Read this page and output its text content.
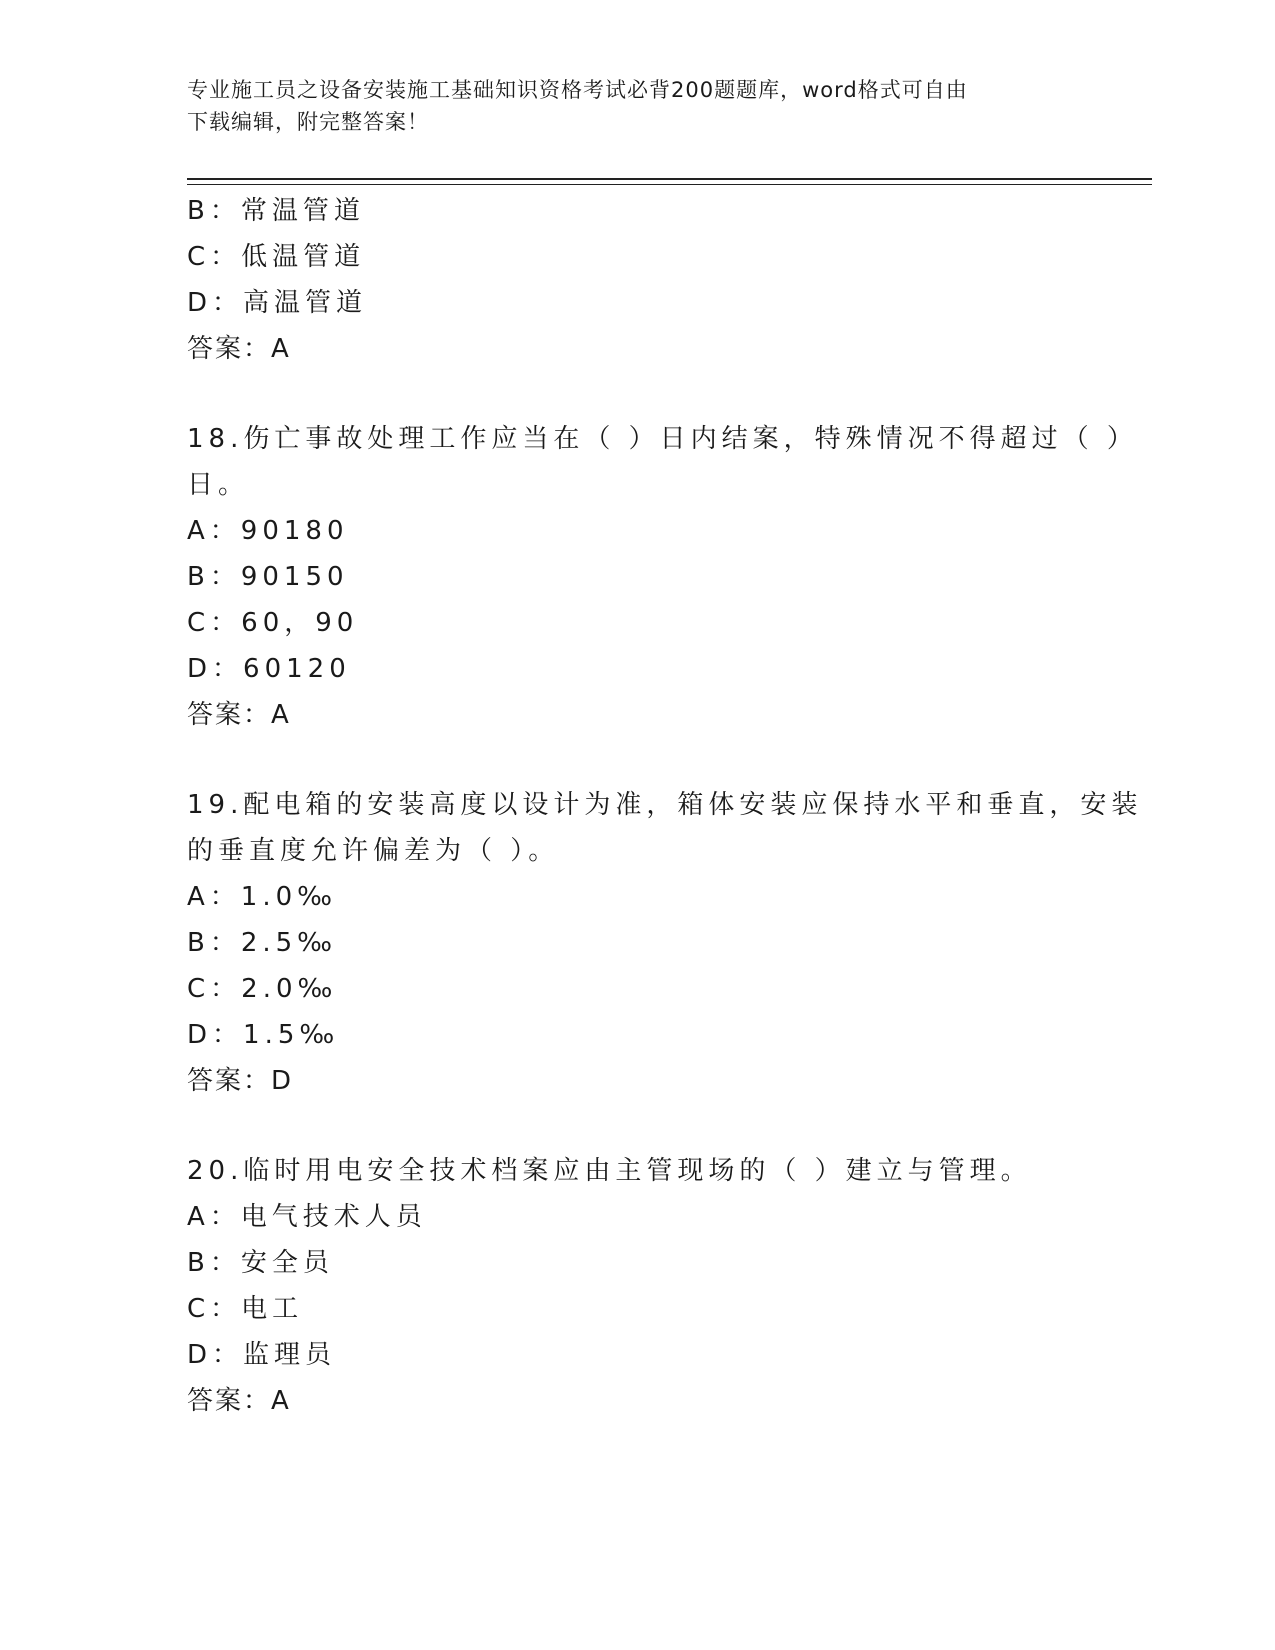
专业施工员之设备安装施工基础知识资格考试必背200题题库，word格式可自由
下载编辑，附完整答案！
B：常温管道
C：低温管道
D：高温管道
答案：A
18.伤亡事故处理工作应当在（ ）日内结案，特殊情况不得超过（ ）
日。
A：90180
B：90150
C：60，90
D：60120
答案：A
19.配电箱的安装高度以设计为准，箱体安装应保持水平和垂直，安装
的垂直度允许偏差为（ ）。
A：1.0‰
B：2.5‰
C：2.0‰
D：1.5‰
答案：D
20.临时用电安全技术档案应由主管现场的（ ）建立与管理。
A：电气技术人员
B：安全员
C：电工
D：监理员
答案：A
